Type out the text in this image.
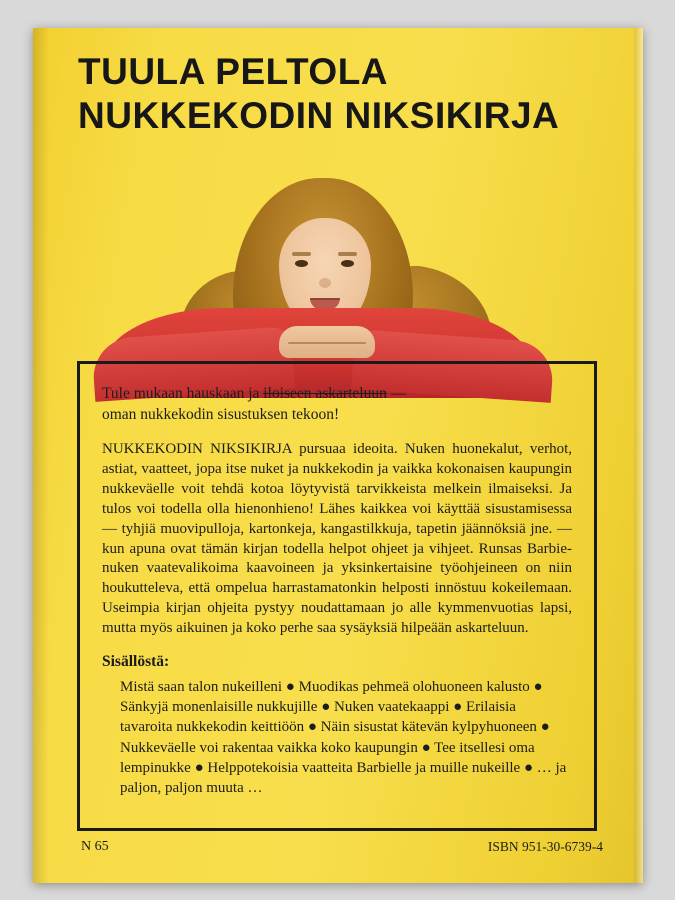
TUULA PELTOLA
NUKKEKODIN NIKSIKIRJA

Tule mukaan hauskaan ja iloiseen askarteluun —
oman nukkekodin sisustuksen tekoon!

NUKKEKODIN NIKSIKIRJA pursuaa ideoita. Nuken huonekalut, verhot, astiat, vaatteet, jopa itse nuket ja nukkekodin ja vaikka kokonaisen kaupungin nukkeväelle voit tehdä kotoa löytyvistä tarvikkeista melkein ilmaiseksi. Ja tulos voi todella olla hienonhieno! Lähes kaikkea voi käyttää sisustamisessa — tyhjiä muovipulloja, kartonkeja, kangastilkkuja, tapetin jäännöksiä jne. — kun apuna ovat tämän kirjan todella helpot ohjeet ja vihjeet. Runsas Barbie-nuken vaatevalikoima kaavoineen ja yksinkertaisine työohjeineen on niin houkutteleva, että ompelua harrastamatonkin helposti innöstuu kokeilemaan. Useimpia kirjan ohjeita pystyy noudattamaan jo alle kymmenvuotias lapsi, mutta myös aikuinen ja koko perhe saa sysäyksiä hilpeään askarteluun.

Sisällöstä:

Mistä saan talon nukeilleni ● Muodikas pehmeä olohuoneen kalusto ● Sänkyjä monenlaisille nukkujille ● Nuken vaatekaappi ● Erilaisia tavaroita nukkekodin keittiöön ● Näin sisustat kätevän kylpyhuoneen ● Nukkeväelle voi rakentaa vaikka koko kaupungin ● Tee itsellesi oma lempinukke ● Helppotekoisia vaatteita Barbielle ja muille nukeille ● … ja paljon, paljon muuta …

N 65	ISBN 951-30-6739-4
